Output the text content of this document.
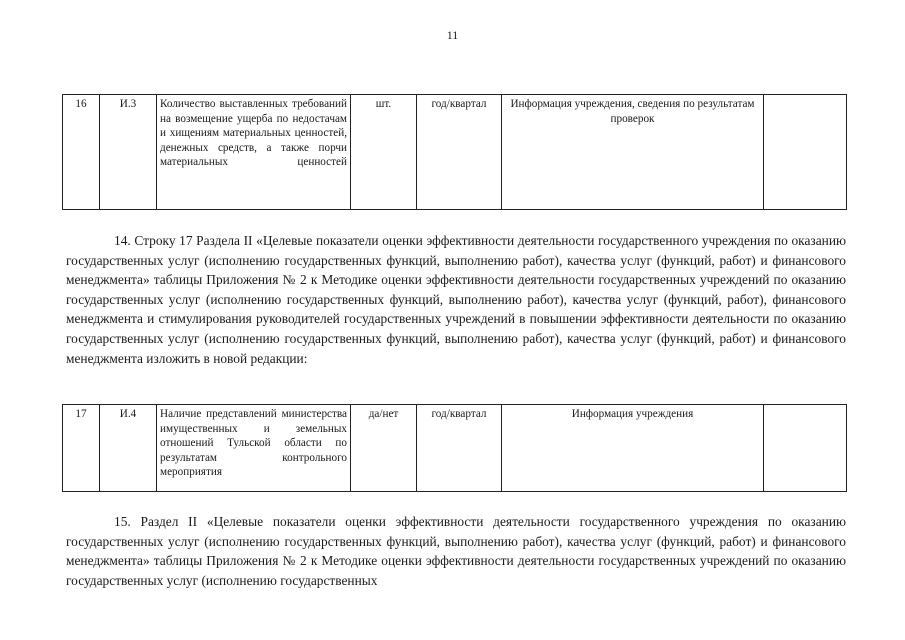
11
16	И.3	Количество выставленных требований на возмещение ущерба по недостачам и хищениям материальных ценностей, денежных средств, а также порчи материальных ценностей	шт.	год/квартал	Информация учреждения, сведения по результатам проверок	
14. Строку 17 Раздела II «Целевые показатели оценки эффективности деятельности государственного учреждения по оказанию государственных услуг (исполнению государственных функций, выполнению работ), качества услуг (функций, работ) и финансового менеджмента» таблицы Приложения № 2 к Методике оценки эффективности деятельности государственных учреждений по оказанию государственных услуг (исполнению государственных функций, выполнению работ), качества услуг (функций, работ), финансового менеджмента и стимулирования руководителей государственных учреждений в повышении эффективности деятельности по оказанию государственных услуг (исполнению государственных функций, выполнению работ), качества услуг (функций, работ) и финансового менеджмента изложить в новой редакции:
17	И.4	Наличие представлений министерства имущественных и земельных отношений Тульской области по результатам контрольного мероприятия	да/нет	год/квартал	Информация учреждения	
15. Раздел II «Целевые показатели оценки эффективности деятельности государственного учреждения по оказанию государственных услуг (исполнению государственных функций, выполнению работ), качества услуг (функций, работ) и финансового менеджмента» таблицы Приложения № 2 к Методике оценки эффективности деятельности государственных учреждений по оказанию государственных услуг (исполнению государственных
